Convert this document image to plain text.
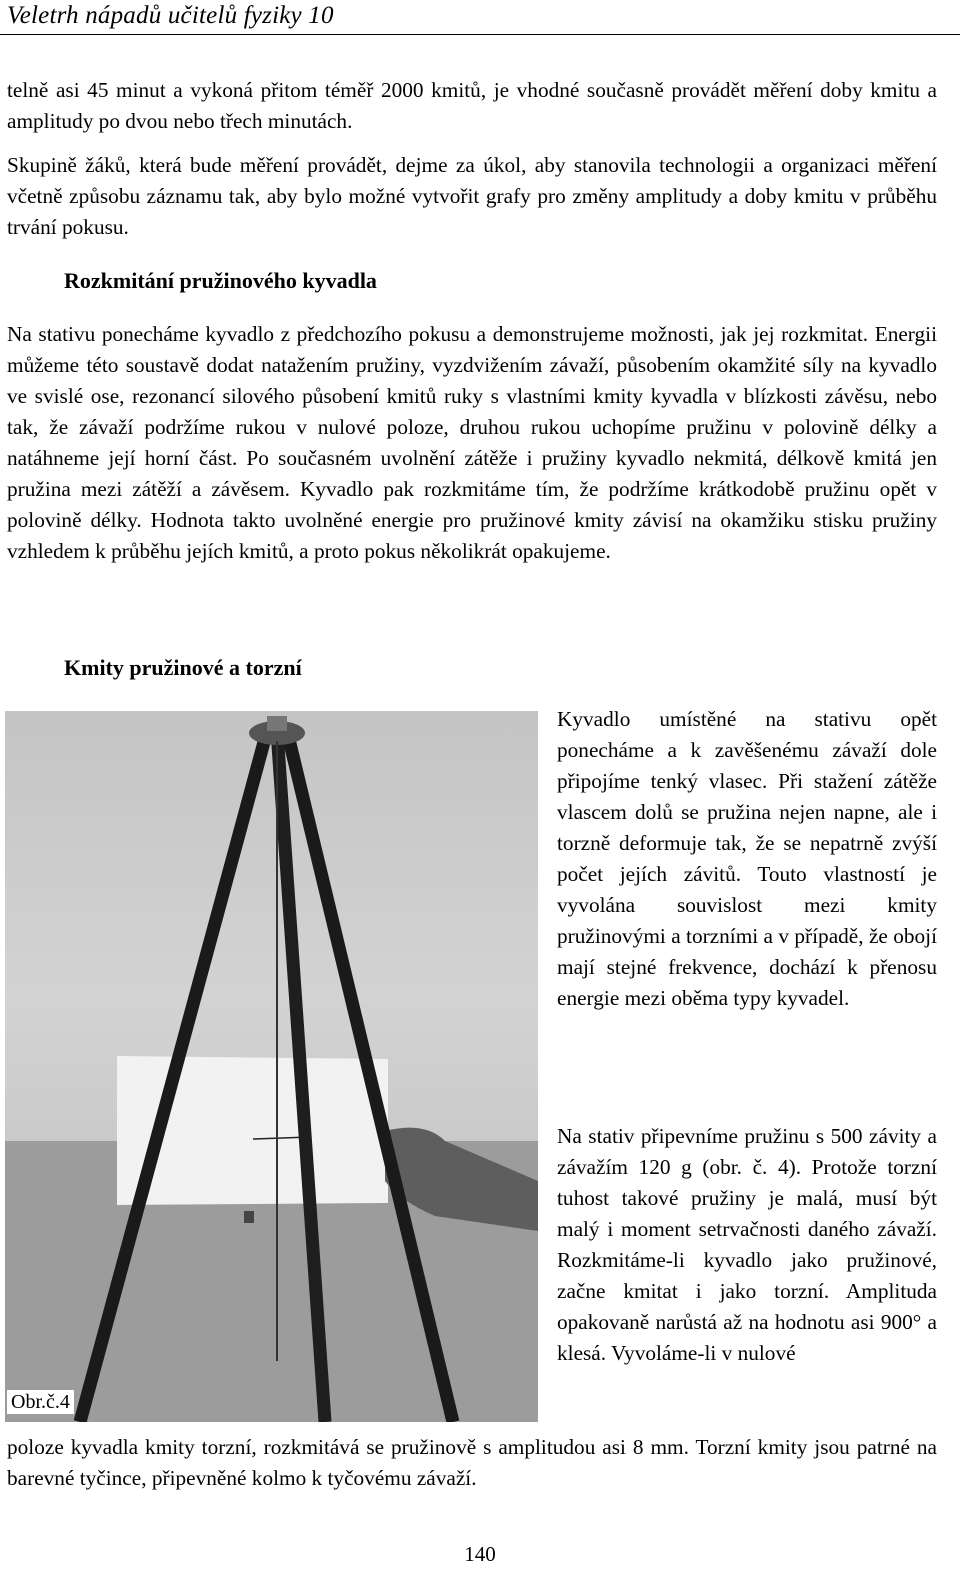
Veletrh nápadů učitelů fyziky 10

telně asi 45 minut a vykoná přitom téměř 2000 kmitů, je vhodné současně provádět měření doby kmitu a amplitudy po dvou nebo třech minutách.

Skupině žáků, která bude měření provádět, dejme za úkol, aby stanovila technologii a organizaci měření včetně způsobu záznamu tak, aby bylo možné vytvořit grafy pro změny amplitudy a doby kmitu v průběhu trvání pokusu.

Rozkmitání pružinového kyvadla

Na stativu ponecháme kyvadlo z předchozího pokusu a demonstrujeme možnosti, jak jej rozkmitat. Energii můžeme této soustavě dodat natažením pružiny, vyzdvižením závaží, působením okamžité síly na kyvadlo ve svislé ose, rezonancí silového působení kmitů ruky s vlastními kmity kyvadla v blízkosti závěsu, nebo tak, že závaží podržíme rukou v nulové poloze, druhou rukou uchopíme pružinu v polovině délky a natáhneme její horní část. Po současném uvolnění zátěže i pružiny kyvadlo nekmitá, délkově kmitá jen pružina mezi zátěží a závěsem. Kyvadlo pak rozkmitáme tím, že podržíme krátkodobě pružinu opět v polovině délky. Hodnota takto uvolněné energie pro pružinové kmity závisí na okamžiku stisku pružiny vzhledem k průběhu jejích kmitů, a proto pokus několikrát opakujeme.

Kmity pružinové a torzní
Obr.č.4

Kyvadlo umístěné na stativu opět ponecháme a k zavěšenému závaží dole připojíme tenký vlasec. Při stažení zátěže vlascem dolů se pružina nejen napne, ale i torzně deformuje tak, že se nepatrně zvýší počet jejích závitů. Touto vlastností je vyvolána souvislost mezi kmity pružinovými a torzními a v případě, že obojí mají stejné frekvence, dochází k přenosu energie mezi oběma typy kyvadel.

Na stativ připevníme pružinu s 500 závity a závažím 120 g (obr. č. 4). Protože torzní tuhost takové pružiny je malá, musí být malý i moment setrvačnosti daného závaží. Rozkmitáme-li kyvadlo jako pružinové, začne kmitat i jako torzní. Amplituda opakovaně narůstá až na hodnotu asi 900° a klesá. Vyvoláme-li v nulové

poloze kyvadla kmity torzní, rozkmitává se pružinově s amplitudou asi 8 mm. Torzní kmity jsou patrné na barevné tyčince, připevněné kolmo k tyčovému závaží.

140
